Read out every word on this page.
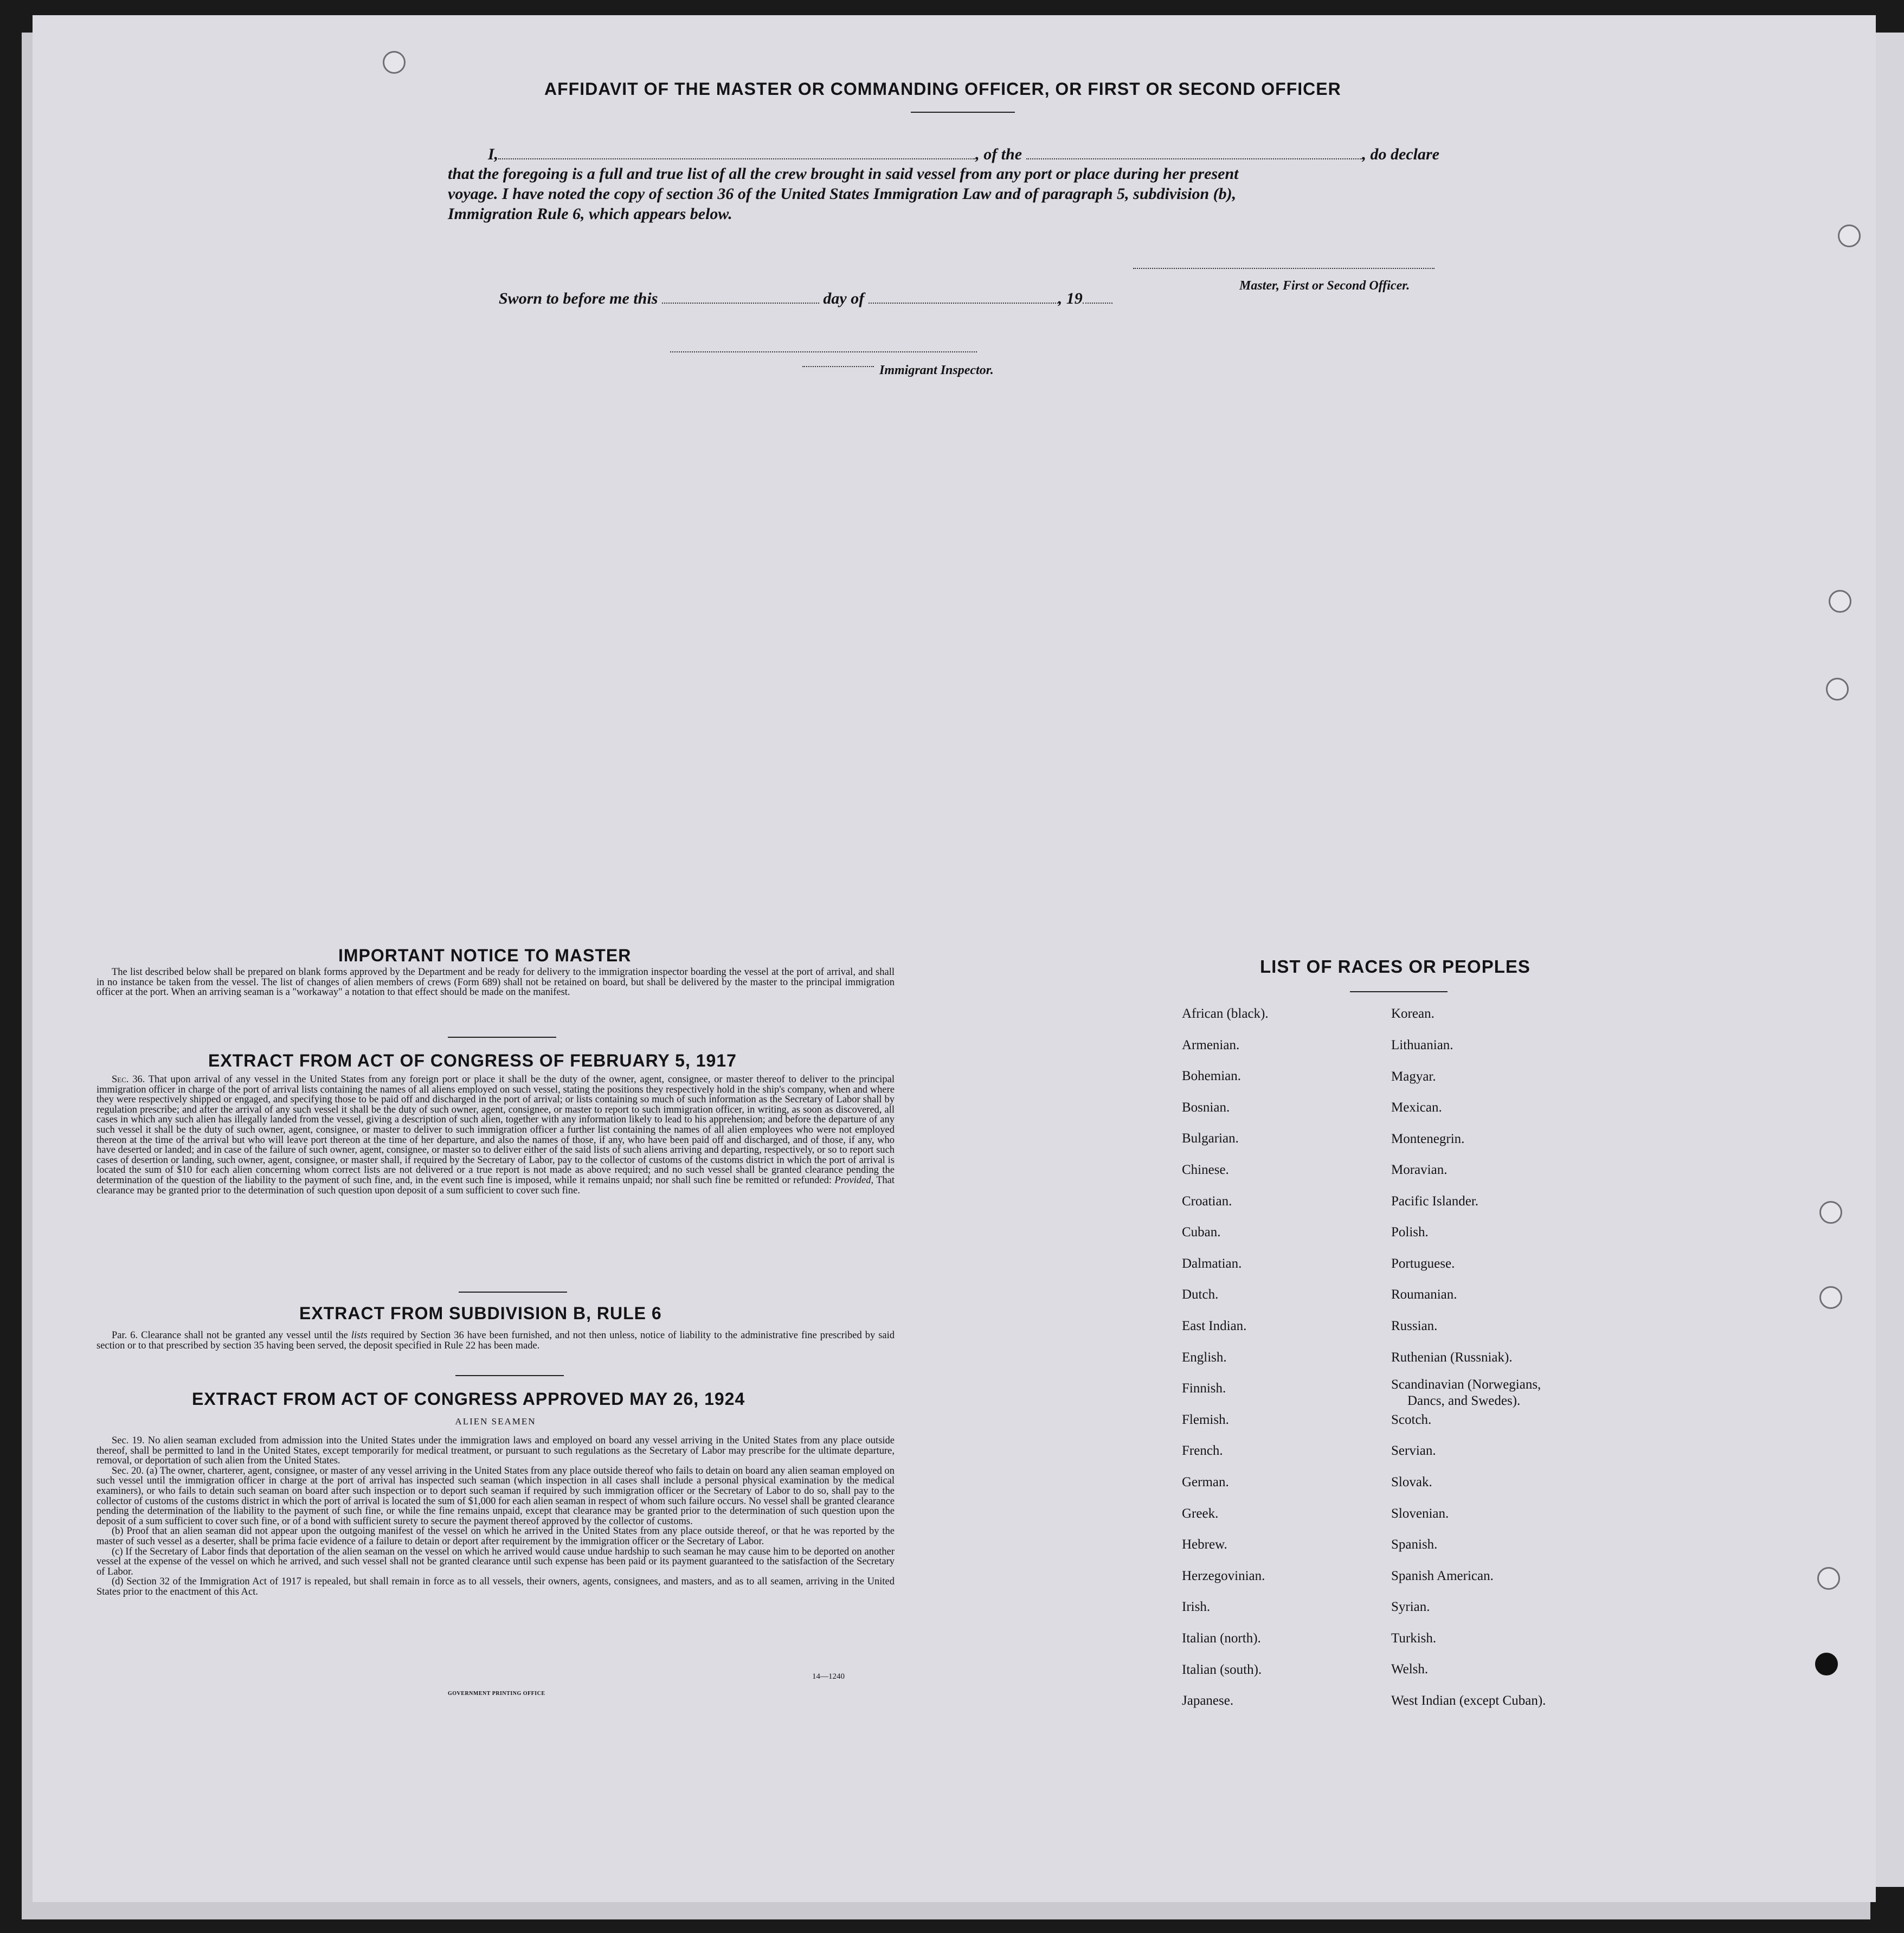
AFFIDAVIT OF THE MASTER OR COMMANDING OFFICER, OR FIRST OR SECOND OFFICER
I,	, of the	, do declare
that the foregoing is a full and true list of all the crew brought in said vessel from any port or place during her present
voyage. I have noted the copy of section 36 of the United States Immigration Law and of paragraph 5, subdivision (b),
Immigration Rule 6, which appears below.
Master, First or Second Officer.
Sworn to before me this	day of	, 19
Immigrant Inspector.
IMPORTANT NOTICE TO MASTER
The list described below shall be prepared on blank forms approved by the Department and be ready for delivery to the immigration inspector boarding the vessel at the port of arrival, and shall in no instance be taken from the vessel. The list of changes of alien members of crews (Form 689) shall not be retained on board, but shall be delivered by the master to the principal immigration officer at the port. When an arriving seaman is a "workaway" a notation to that effect should be made on the manifest.
EXTRACT FROM ACT OF CONGRESS OF FEBRUARY 5, 1917
Sec. 36. That upon arrival of any vessel in the United States from any foreign port or place it shall be the duty of the owner, agent, consignee, or master thereof to deliver to the principal immigration officer in charge of the port of arrival lists containing the names of all aliens employed on such vessel, stating the positions they respectively hold in the ship's company, when and where they were respectively shipped or engaged, and specifying those to be paid off and discharged in the port of arrival; or lists containing so much of such information as the Secretary of Labor shall by regulation prescribe; and after the arrival of any such vessel it shall be the duty of such owner, agent, consignee, or master to report to such immigration officer, in writing, as soon as discovered, all cases in which any such alien has illegally landed from the vessel, giving a description of such alien, together with any information likely to lead to his apprehension; and before the departure of any such vessel it shall be the duty of such owner, agent, consignee, or master to deliver to such immigration officer a further list containing the names of all alien employees who were not employed thereon at the time of the arrival but who will leave port thereon at the time of her departure, and also the names of those, if any, who have been paid off and discharged, and of those, if any, who have deserted or landed; and in case of the failure of such owner, agent, consignee, or master so to deliver either of the said lists of such aliens arriving and departing, respectively, or so to report such cases of desertion or landing, such owner, agent, consignee, or master shall, if required by the Secretary of Labor, pay to the collector of customs of the customs district in which the port of arrival is located the sum of $10 for each alien concerning whom correct lists are not delivered or a true report is not made as above required; and no such vessel shall be granted clearance pending the determination of the question of the liability to the payment of such fine, and, in the event such fine is imposed, while it remains unpaid; nor shall such fine be remitted or refunded: Provided, That clearance may be granted prior to the determination of such question upon deposit of a sum sufficient to cover such fine.
EXTRACT FROM SUBDIVISION B, RULE 6
Par. 6. Clearance shall not be granted any vessel until the lists required by Section 36 have been furnished, and not then unless, notice of liability to the administrative fine prescribed by said section or to that prescribed by section 35 having been served, the deposit specified in Rule 22 has been made.
EXTRACT FROM ACT OF CONGRESS APPROVED MAY 26, 1924
ALIEN SEAMEN

Sec. 19. No alien seaman excluded from admission into the United States under the immigration laws and employed on board any vessel arriving in the United States from any place outside thereof, shall be permitted to land in the United States, except temporarily for medical treatment, or pursuant to such regulations as the Secretary of Labor may prescribe for the ultimate departure, removal, or deportation of such alien from the United States.

Sec. 20. (a) The owner, charterer, agent, consignee, or master of any vessel arriving in the United States from any place outside thereof who fails to detain on board any alien seaman employed on such vessel until the immigration officer in charge at the port of arrival has inspected such seaman (which inspection in all cases shall include a personal physical examination by the medical examiners), or who fails to detain such seaman on board after such inspection or to deport such seaman if required by such immigration officer or the Secretary of Labor to do so, shall pay to the collector of customs of the customs district in which the port of arrival is located the sum of $1,000 for each alien seaman in respect of whom such failure occurs. No vessel shall be granted clearance pending the determination of the liability to the payment of such fine, or while the fine remains unpaid, except that clearance may be granted prior to the determination of such question upon the deposit of a sum sufficient to cover such fine, or of a bond with sufficient surety to secure the payment thereof approved by the collector of customs.

(b) Proof that an alien seaman did not appear upon the outgoing manifest of the vessel on which he arrived in the United States from any place outside thereof, or that he was reported by the master of such vessel as a deserter, shall be prima facie evidence of a failure to detain or deport after requirement by the immigration officer or the Secretary of Labor.

(c) If the Secretary of Labor finds that deportation of the alien seaman on the vessel on which he arrived would cause undue hardship to such seaman he may cause him to be deported on another vessel at the expense of the vessel on which he arrived, and such vessel shall not be granted clearance until such expense has been paid or its payment guaranteed to the satisfaction of the Secretary of Labor.

(d) Section 32 of the Immigration Act of 1917 is repealed, but shall remain in force as to all vessels, their owners, agents, consignees, and masters, and as to all seamen, arriving in the United States prior to the enactment of this Act.

14—1240
GOVERNMENT PRINTING OFFICE
LIST OF RACES OR PEOPLES
African (black).
Armenian.
Bohemian.
Bosnian.
Bulgarian.
Chinese.
Croatian.
Cuban.
Dalmatian.
Dutch.
East Indian.
English.
Finnish.
Flemish.
French.
German.
Greek.
Hebrew.
Herzegovinian.
Irish.
Italian (north).
Italian (south).
Japanese.
Korean.
Lithuanian.
Magyar.
Mexican.
Montenegrin.
Moravian.
Pacific Islander.
Polish.
Portuguese.
Roumanian.
Russian.
Ruthenian (Russniak).
Scandinavian (Norwegians,
Dancs, and Swedes).
Scotch.
Servian.
Slovak.
Slovenian.
Spanish.
Spanish American.
Syrian.
Turkish.
Welsh.
West Indian (except Cuban).
